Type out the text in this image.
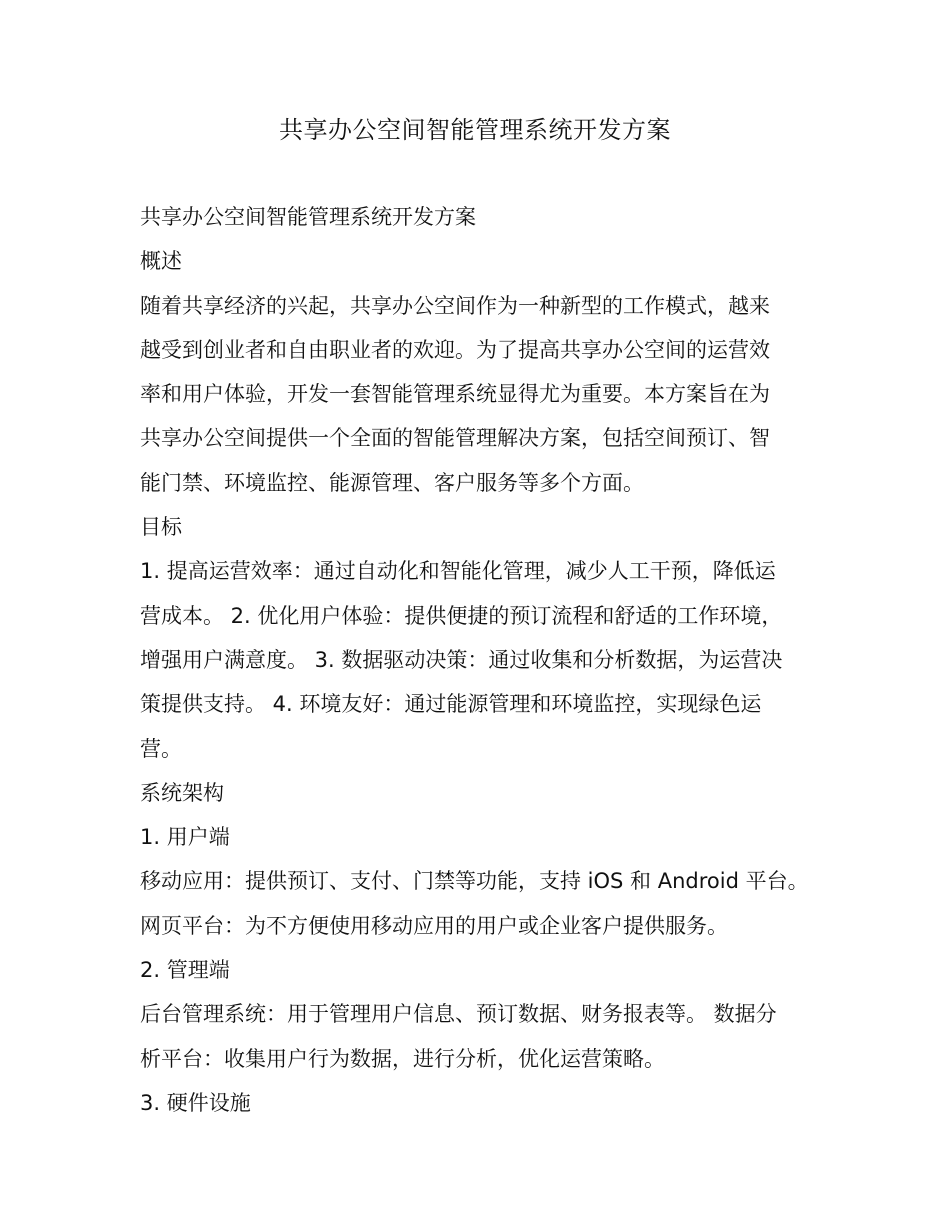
共享办公空间智能管理系统开发方案
共享办公空间智能管理系统开发方案
概述
随着共享经济的兴起，共享办公空间作为一种新型的工作模式，越来
越受到创业者和自由职业者的欢迎。为了提高共享办公空间的运营效
率和用户体验，开发一套智能管理系统显得尤为重要。本方案旨在为
共享办公空间提供一个全面的智能管理解决方案，包括空间预订、智
能门禁、环境监控、能源管理、客户服务等多个方面。
目标
1. 提高运营效率：通过自动化和智能化管理，减少人工干预，降低运
营成本。 2. 优化用户体验：提供便捷的预订流程和舒适的工作环境，
增强用户满意度。 3. 数据驱动决策：通过收集和分析数据，为运营决
策提供支持。 4. 环境友好：通过能源管理和环境监控，实现绿色运
营。
系统架构
1. 用户端
移动应用：提供预订、支付、门禁等功能，支持 iOS 和 Android 平台。
网页平台：为不方便使用移动应用的用户或企业客户提供服务。
2. 管理端
后台管理系统：用于管理用户信息、预订数据、财务报表等。 数据分
析平台：收集用户行为数据，进行分析，优化运营策略。
3. 硬件设施
